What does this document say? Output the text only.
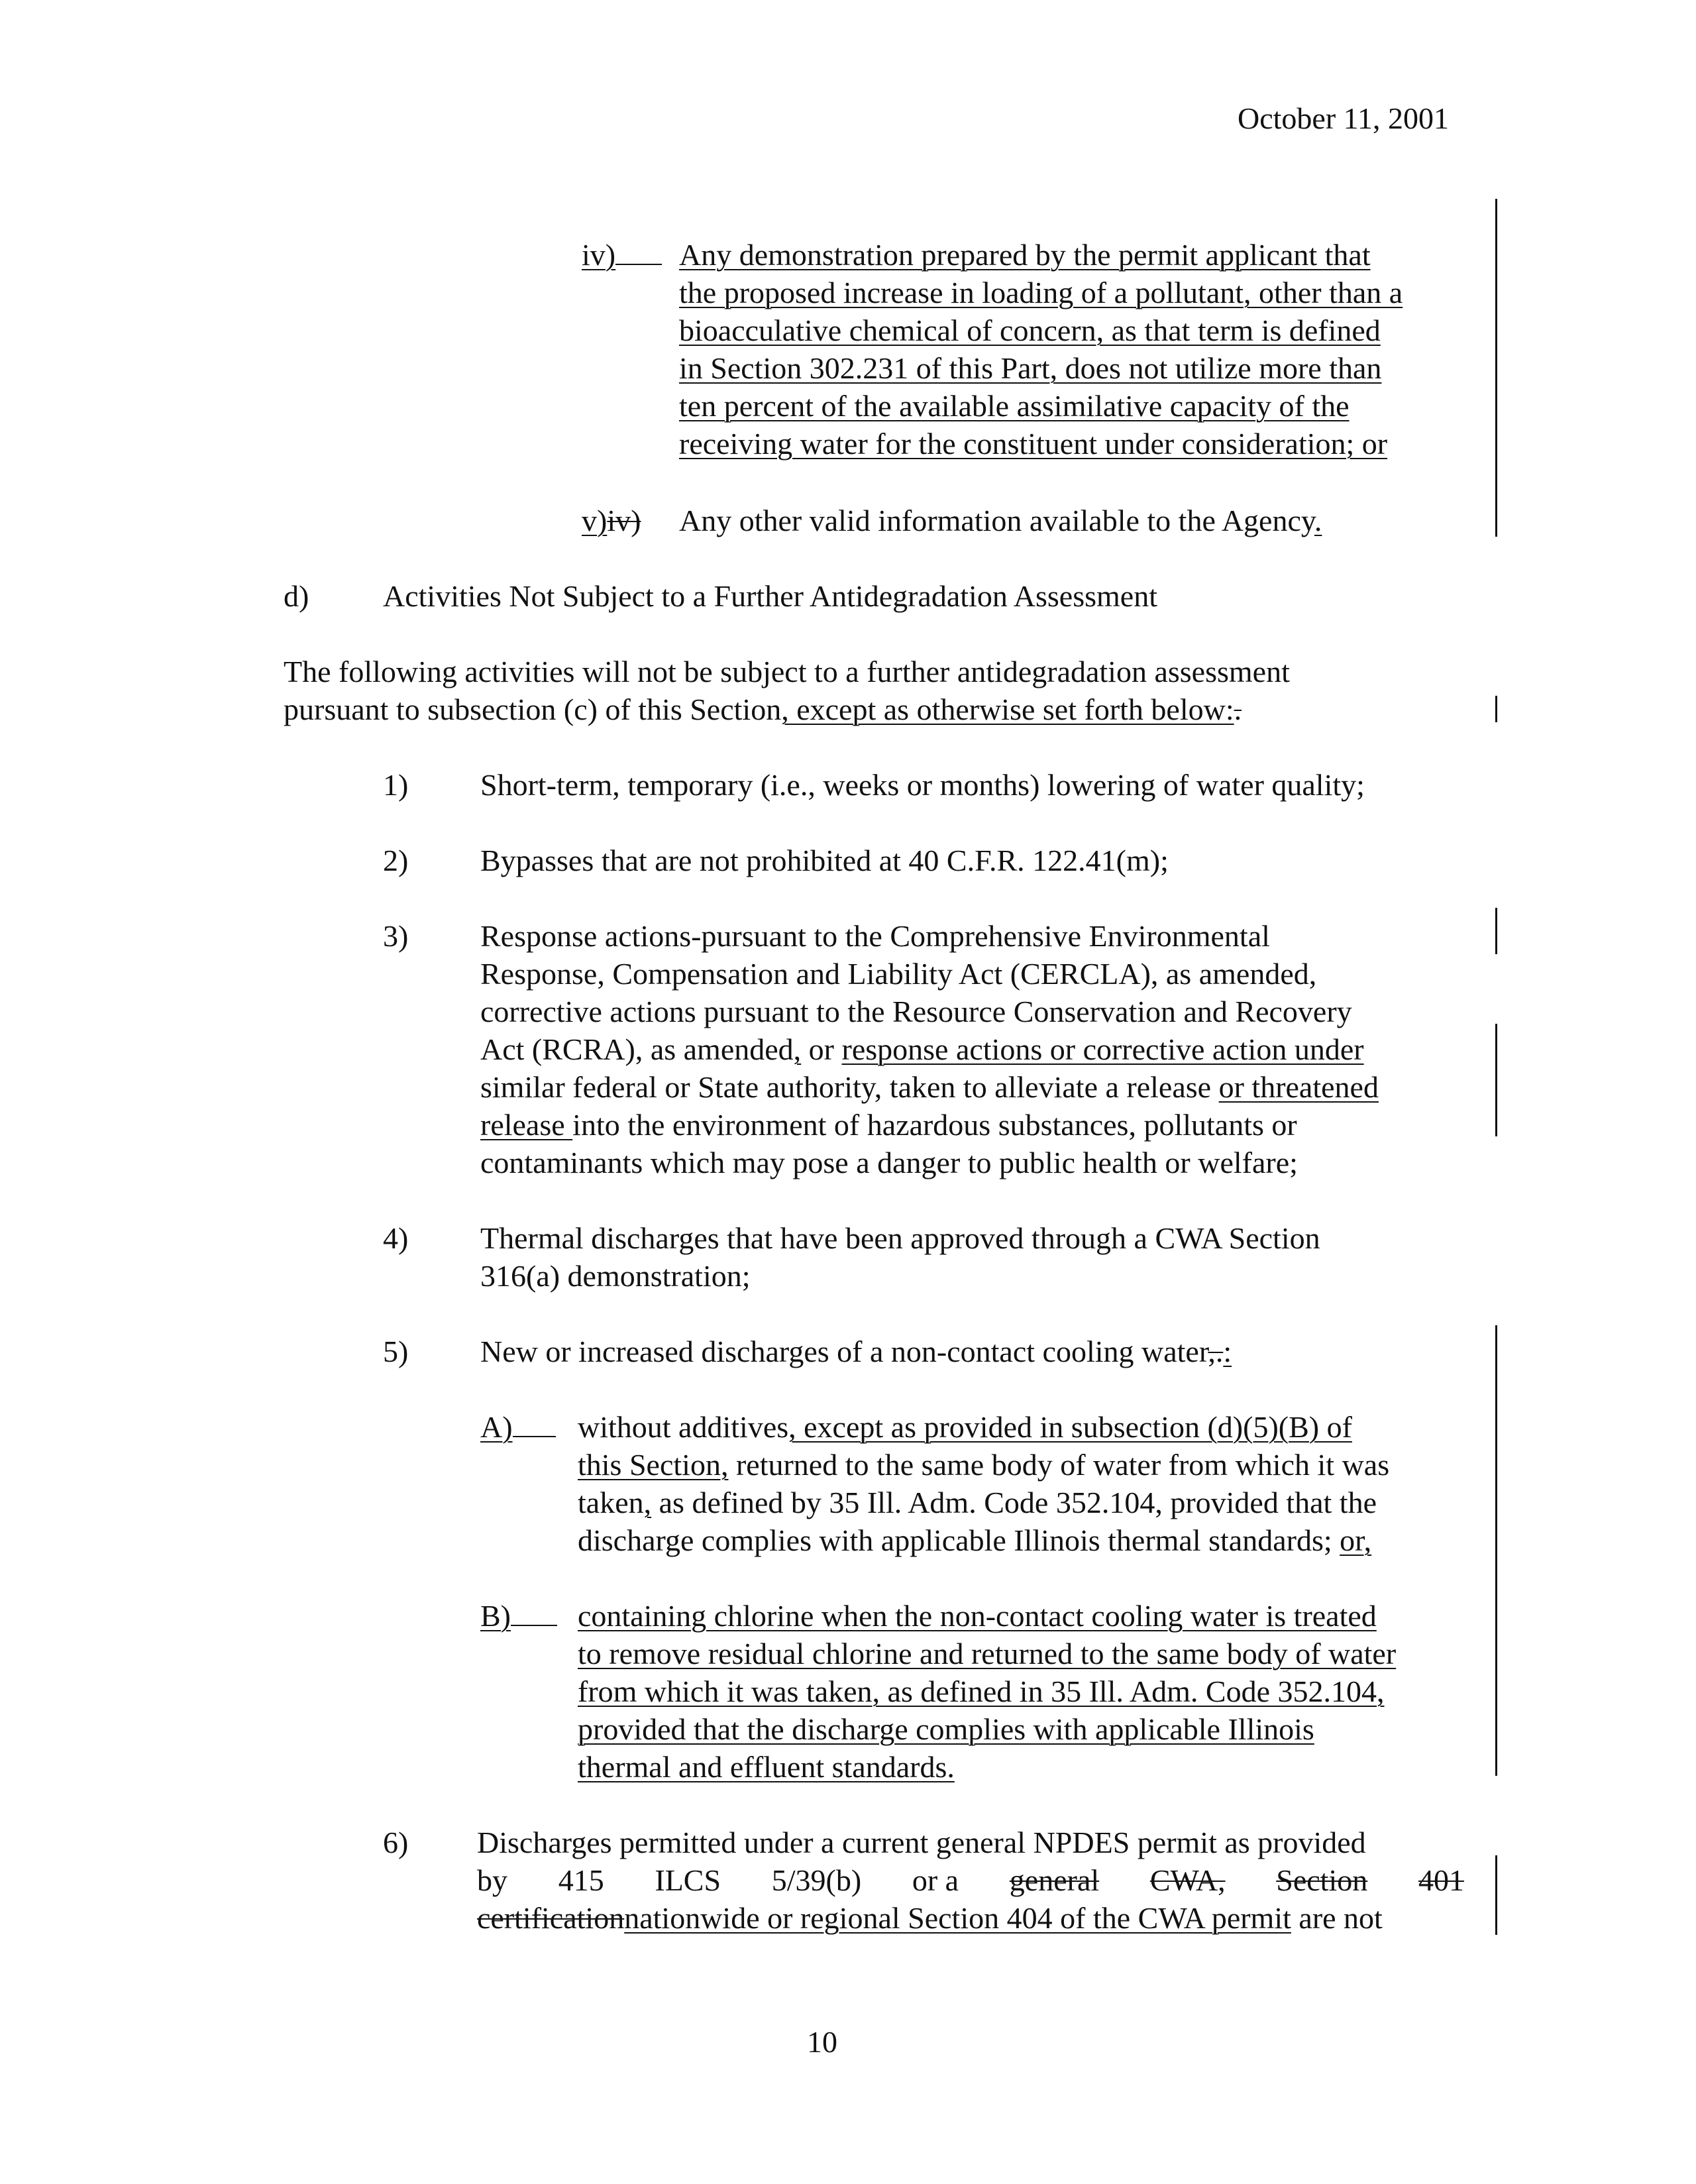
October 11, 2001
iv)	Any demonstration prepared by the permit applicant that
the proposed increase in loading of a pollutant, other than a
bioacculative chemical of concern, as that term is defined
in Section 302.231 of this Part, does not utilize more than
ten percent of the available assimilative capacity of the
receiving water for the constituent under consideration; or
v)iv) Any other valid information available to the Agency.
d) Activities Not Subject to a Further Antidegradation Assessment
The following activities will not be subject to a further antidegradation assessment
pursuant to subsection (c) of this Section, except as otherwise set forth below:.
1) Short-term, temporary (i.e., weeks or months) lowering of water quality;
2) Bypasses that are not prohibited at 40 C.F.R. 122.41(m);
3) Response actions-pursuant to the Comprehensive Environmental
Response, Compensation and Liability Act (CERCLA), as amended,
corrective actions pursuant to the Resource Conservation and Recovery
Act (RCRA), as amended, or response actions or corrective action under
similar federal or State authority, taken to alleviate a release or threatened
release into the environment of hazardous substances, pollutants or
contaminants which may pose a danger to public health or welfare;
4) Thermal discharges that have been approved through a CWA Section
316(a) demonstration;
5) New or increased discharges of a non-contact cooling water,.:
A)	without additives, except as provided in subsection (d)(5)(B) of
this Section, returned to the same body of water from which it was
taken, as defined by 35 Ill. Adm. Code 352.104, provided that the
discharge complies with applicable Illinois thermal standards; or,
B)	containing chlorine when the non-contact cooling water is treated
to remove residual chlorine and returned to the same body of water
from which it was taken, as defined in 35 Ill. Adm. Code 352.104,
provided that the discharge complies with applicable Illinois
thermal and effluent standards.
6) Discharges permitted under a current general NPDES permit as provided
by 415 ILCS 5/39(b) or a general CWA, Section 401
certificationnationwide or regional Section 404 of the CWA permit are not
10
